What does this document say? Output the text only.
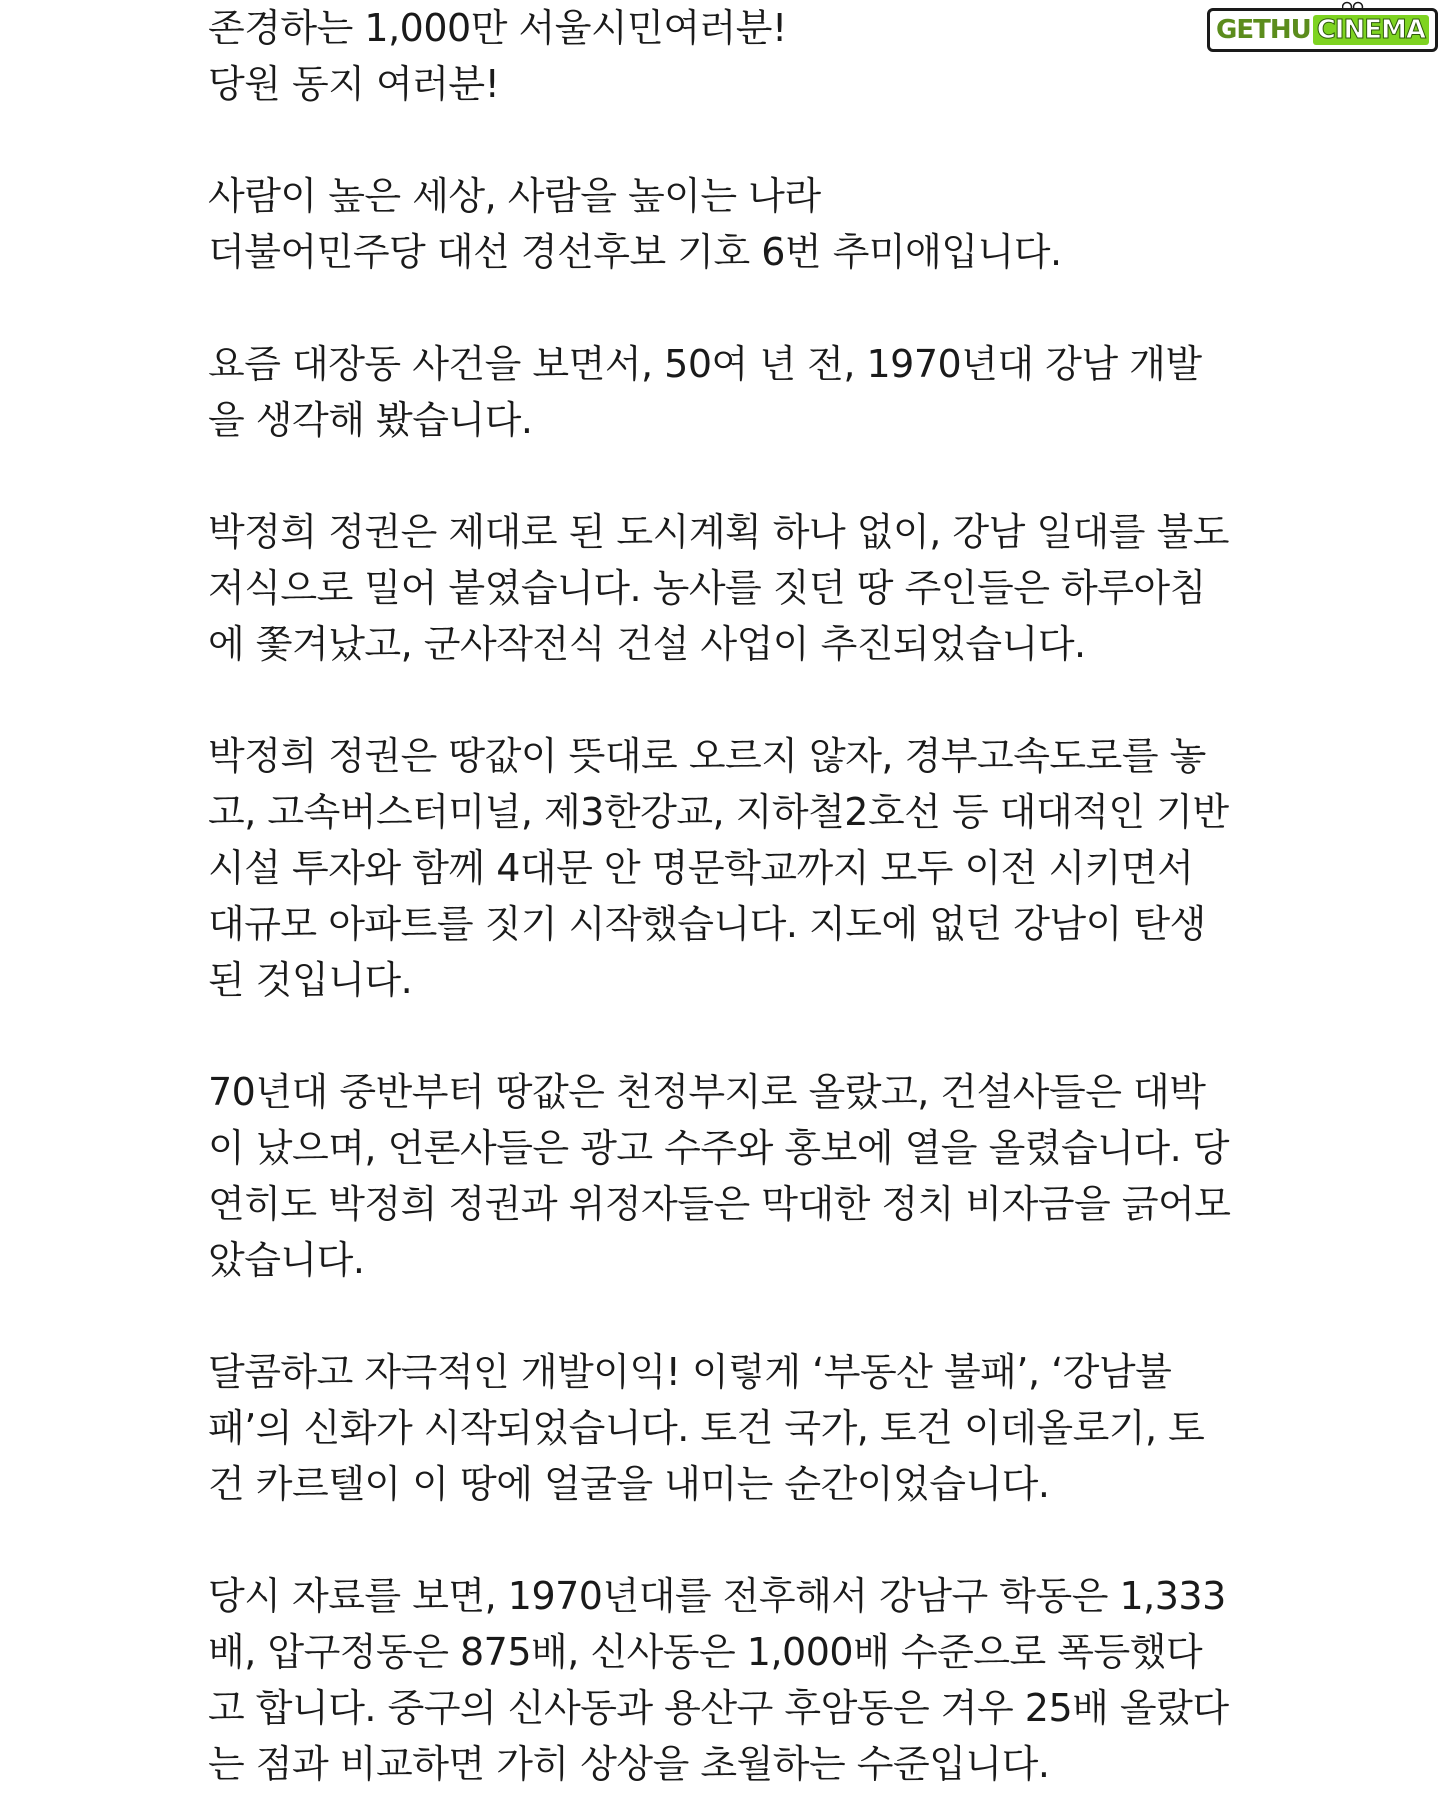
존경하는 1,000만 서울시민여러분!
당원 동지 여러분!
사람이 높은 세상, 사람을 높이는 나라
더불어민주당 대선 경선후보 기호 6번 추미애입니다.
요즘 대장동 사건을 보면서, 50여 년 전, 1970년대 강남 개발
을 생각해 봤습니다.
박정희 정권은 제대로 된 도시계획 하나 없이, 강남 일대를 불도
저식으로 밀어 붙였습니다. 농사를 짓던 땅 주인들은 하루아침
에 쫓겨났고, 군사작전식 건설 사업이 추진되었습니다.
박정희 정권은 땅값이 뜻대로 오르지 않자, 경부고속도로를 놓
고, 고속버스터미널, 제3한강교, 지하철2호선 등 대대적인 기반
시설 투자와 함께 4대문 안 명문학교까지 모두 이전 시키면서
대규모 아파트를 짓기 시작했습니다. 지도에 없던 강남이 탄생
된 것입니다.
70년대 중반부터 땅값은 천정부지로 올랐고, 건설사들은 대박
이 났으며, 언론사들은 광고 수주와 홍보에 열을 올렸습니다. 당
연히도 박정희 정권과 위정자들은 막대한 정치 비자금을 긁어모
았습니다.
달콤하고 자극적인 개발이익! 이렇게 ‘부동산 불패’, ‘강남불
패’의 신화가 시작되었습니다. 토건 국가, 토건 이데올로기, 토
건 카르텔이 이 땅에 얼굴을 내미는 순간이었습니다.
당시 자료를 보면, 1970년대를 전후해서 강남구 학동은 1,333
배, 압구정동은 875배, 신사동은 1,000배 수준으로 폭등했다
고 합니다. 중구의 신사동과 용산구 후암동은 겨우 25배 올랐다
는 점과 비교하면 가히 상상을 초월하는 수준입니다.
GETHU CINEMA
